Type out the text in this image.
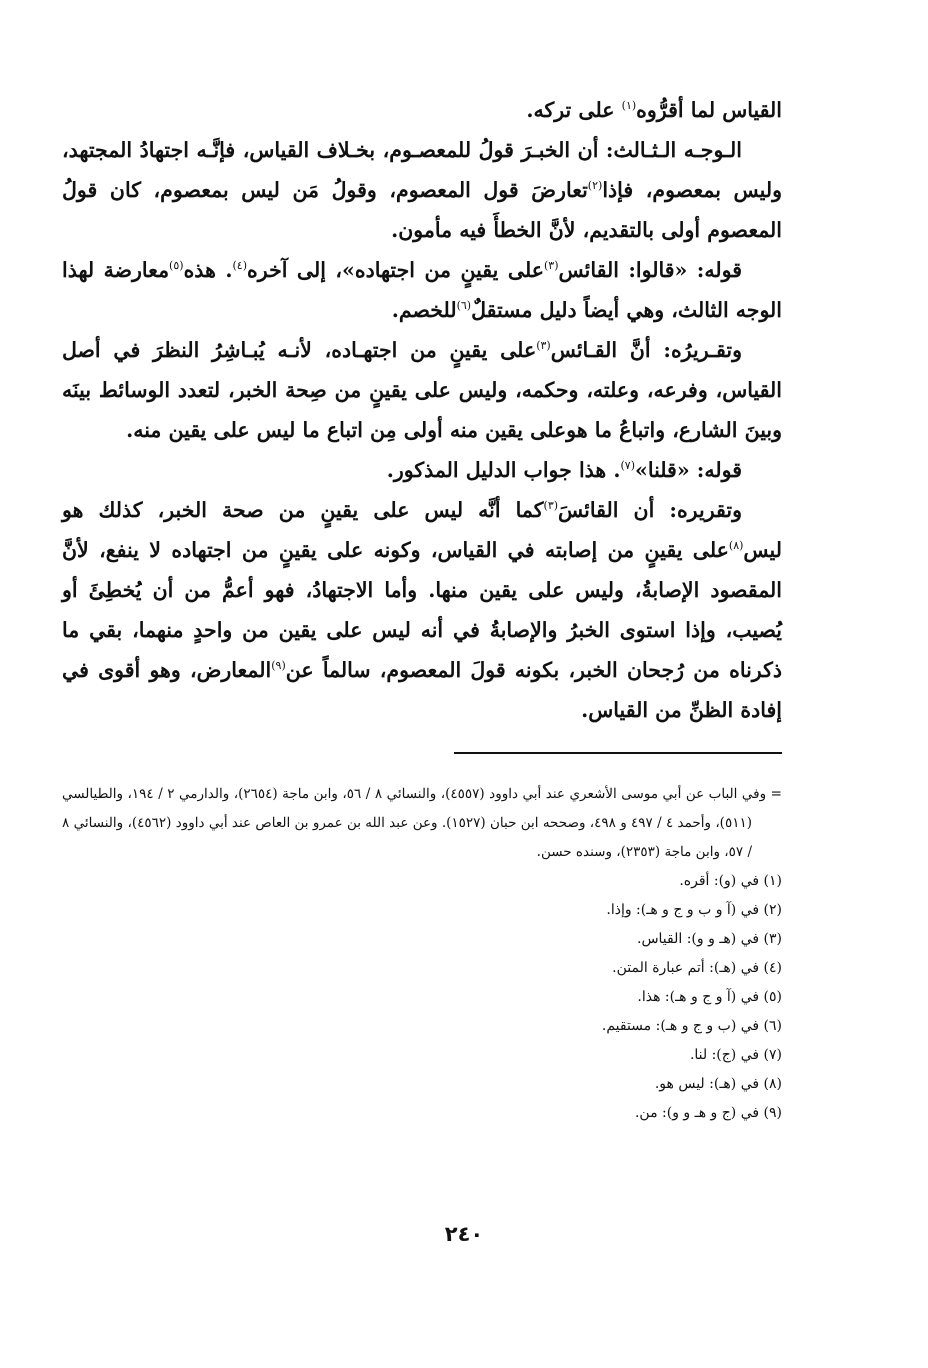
القياس لما أقرُّوه$^{(١)}$ على تركه.

الـوجـه الـثـالث: أن الخبـرَ قولُ للمعصـوم، بخـلاف القياس، فإنَّـه اجتهادُ المجتهد، وليس بمعصوم، فإذا$^{(٢)}$تعارضَ قول المعصوم، وقولُ مَن ليس بمعصوم، كان قولُ المعصوم أولى بالتقديم، لأنَّ الخطأَ فيه مأمون.

قوله: «قالوا: القائس$^{(٣)}$على يقينٍ من اجتهاده»، إلى آخره$^{(٤)}$. هذه$^{(٥)}$معارضة لهذا الوجه الثالث، وهي أيضاً دليل مستقلٌ$^{(٦)}$للخصم.

وتقـريرُه: أنَّ القـائس$^{(٣)}$على يقينٍ من اجتهـاده، لأنـه يُبـاشِرُ النظرَ في أصل القياس، وفرعه، وعلته، وحكمه، وليس على يقينٍ من صِحة الخبر، لتعدد الوسائط بينَه وبينَ الشارع، واتباعُ ما هوعلى يقين منه أولى مِن اتباع ما ليس على يقين منه.

قوله: «قلنا»$^{(٧)}$. هذا جواب الدليل المذكور.

وتقريره: أن القائسَ$^{(٣)}$كما أنَّه ليس على يقينٍ من صحة الخبر، كذلك هو ليس$^{(٨)}$على يقينٍ من إصابته في القياس، وكونه على يقينٍ من اجتهاده لا ينفع، لأنَّ المقصود الإصابةُ، وليس على يقين منها. وأما الاجتهادُ، فهو أعمُّ من أن يُخطِئَ أو يُصيب، وإذا استوى الخبرُ والإصابةُ في أنه ليس على يقين من واحدٍ منهما، بقي ما ذكرناه من رُجحان الخبر، بكونه قولَ المعصوم، سالماً عن$^{(٩)}$المعارض، وهو أقوى في إفادة الظنِّ من القياس.

= وفي الباب عن أبي موسى الأشعري عند أبي داوود (٤٥٥٧)، والنسائي ٨ / ٥٦، وابن ماجة (٢٦٥٤)، والدارمي ٢ / ١٩٤، والطيالسي (٥١١)، وأحمد ٤ / ٤٩٧ و ٤٩٨، وصححه ابن حبان (١٥٢٧). وعن عبد الله بن عمرو بن العاص عند أبي داوود (٤٥٦٢)، والنسائي ٨ / ٥٧، وابن ماجة (٢٣٥٣)، وسنده حسن.
(١) في (و): أقره.
(٢) في (آ و ب و ج و هـ): وإذا.
(٣) في (هـ و و): القياس.
(٤) في (هـ): أتم عبارة المتن.
(٥) في (آ و ج و هـ): هذا.
(٦) في (ب و ج و هـ): مستقيم.
(٧) في (ج): لنا.
(٨) في (هـ): ليس هو.
(٩) في (ج و هـ و و): من.
٢٤٠
